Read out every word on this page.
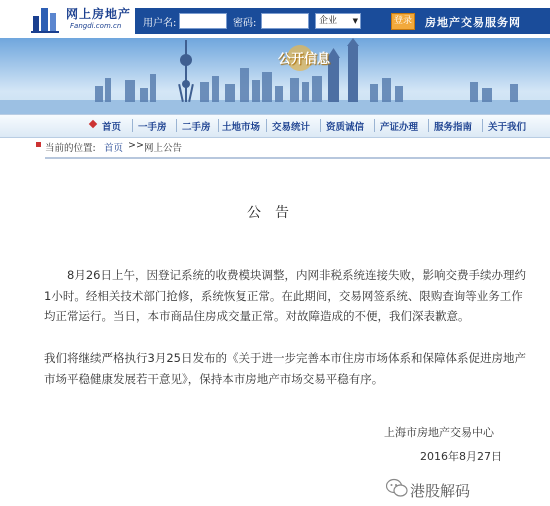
网上房地产
Fangdi.com.cn 用户名:	密码:	企业 ▼	登录 房地产交易服务网
公开信息
首页 一手房 二手房 土地市场 交易统计 资质诚信 产证办理 服务指南 关于我们
当前的位置: 首页 >> 网上公告
公告
8月26日上午，因登记系统的收费模块调整，内网非税系统连接失败，影响交费手续办理约1小时。经相关技术部门抢修，系统恢复正常。在此期间，交易网签系统、限购查询等业务工作均正常运行。当日，本市商品住房成交量正常。对故障造成的不便，我们深表歉意。
我们将继续严格执行3月25日发布的《关于进一步完善本市住房市场体系和保障体系促进房地产市场平稳健康发展若干意见》，保持本市房地产市场交易平稳有序。
上海市房地产交易中心
2016年8月27日
港股解码
